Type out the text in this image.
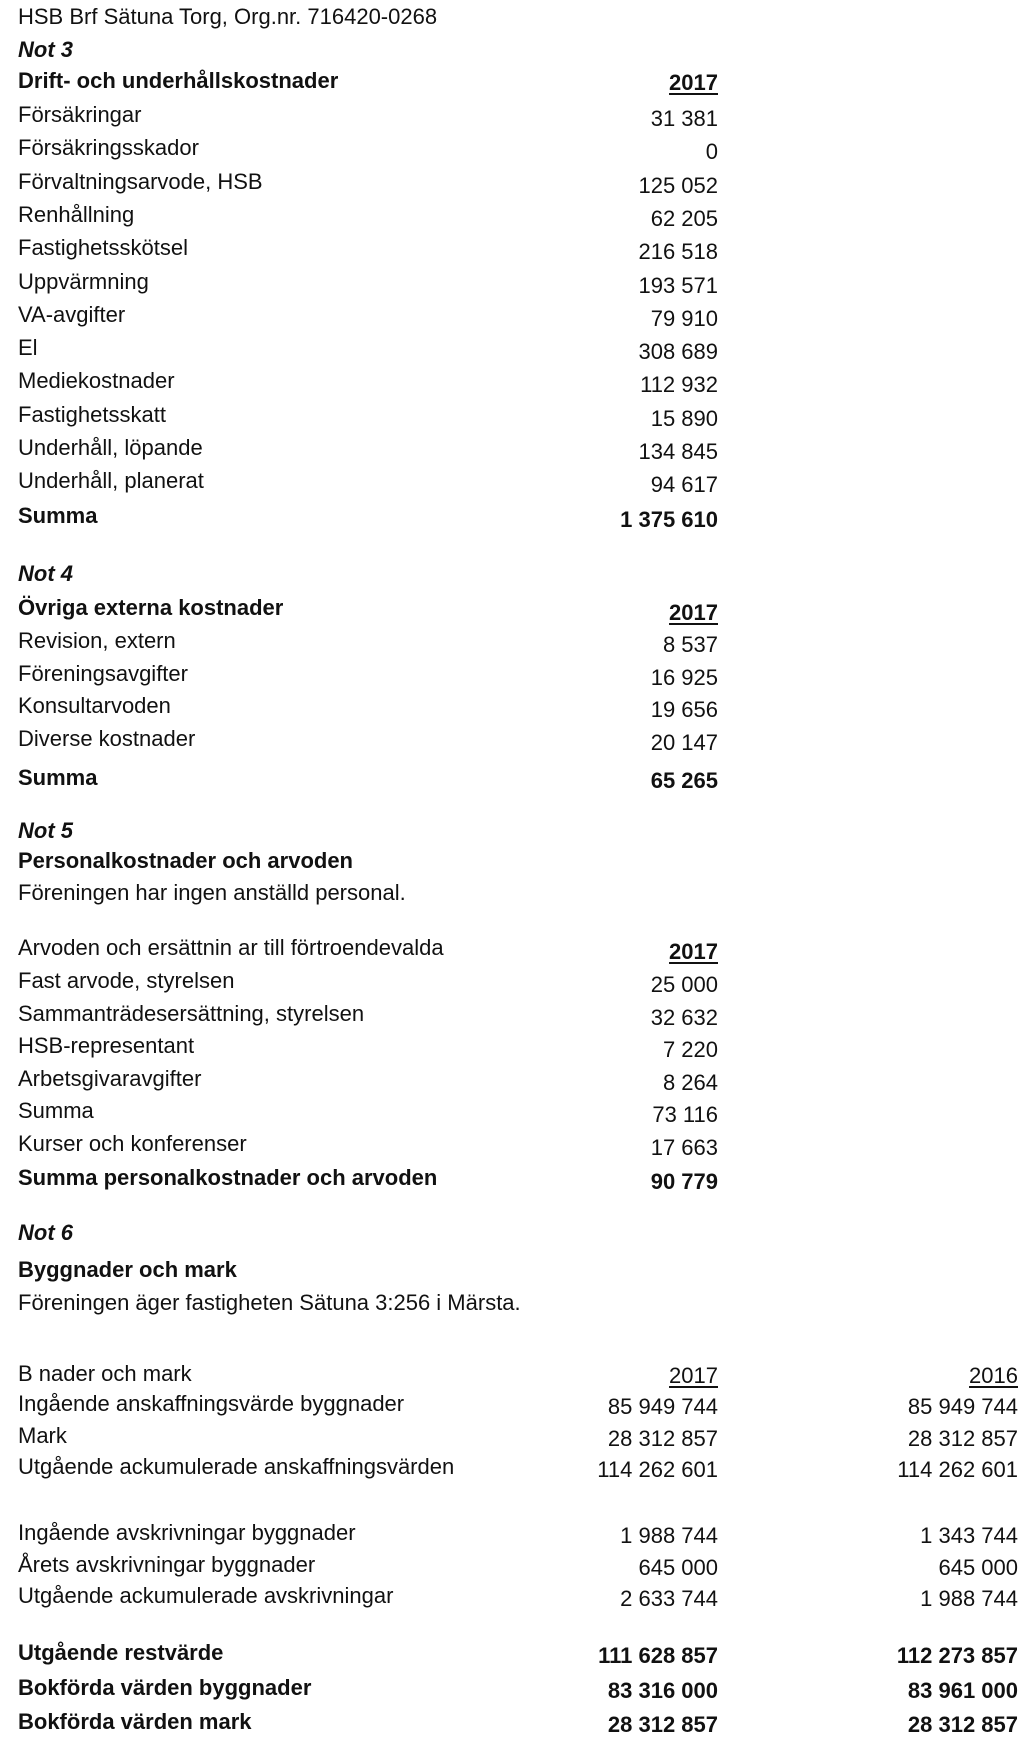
HSB Brf Sätuna Torg, Org.nr. 716420-0268
Not 3
Drift- och underhållskostnader	2017
Försäkringar	31 381
Försäkringsskador	0
Förvaltningsarvode, HSB	125 052
Renhållning	62 205
Fastighetsskötsel	216 518
Uppvärmning	193 571
VA-avgifter	79 910
El	308 689
Mediekostnader	112 932
Fastighetsskatt	15 890
Underhåll, löpande	134 845
Underhåll, planerat	94 617
Summa	1 375 610
Not 4
Övriga externa kostnader	2017
Revision, extern	8 537
Föreningsavgifter	16 925
Konsultarvoden	19 656
Diverse kostnader	20 147
Summa	65 265
Not 5
Personalkostnader och arvoden
Föreningen har ingen anställd personal.
Arvoden och ersättnin ar till förtroendevalda	2017
Fast arvode, styrelsen	25 000
Sammanträdesersättning, styrelsen	32 632
HSB-representant	7 220
Arbetsgivaravgifter	8 264
Summa	73 116
Kurser och konferenser	17 663
Summa personalkostnader och arvoden	90 779
Not 6
Byggnader och mark
Föreningen äger fastigheten Sätuna 3:256 i Märsta.
B nader och mark	2017	2016
Ingående anskaffningsvärde byggnader	85 949 744	85 949 744
Mark	28 312 857	28 312 857
Utgående ackumulerade anskaffningsvärden	114 262 601	114 262 601
Ingående avskrivningar byggnader	1 988 744	1 343 744
Årets avskrivningar byggnader	645 000	645 000
Utgående ackumulerade avskrivningar	2 633 744	1 988 744
Utgående restvärde	111 628 857	112 273 857
Bokförda värden byggnader	83 316 000	83 961 000
Bokförda värden mark	28 312 857	28 312 857
